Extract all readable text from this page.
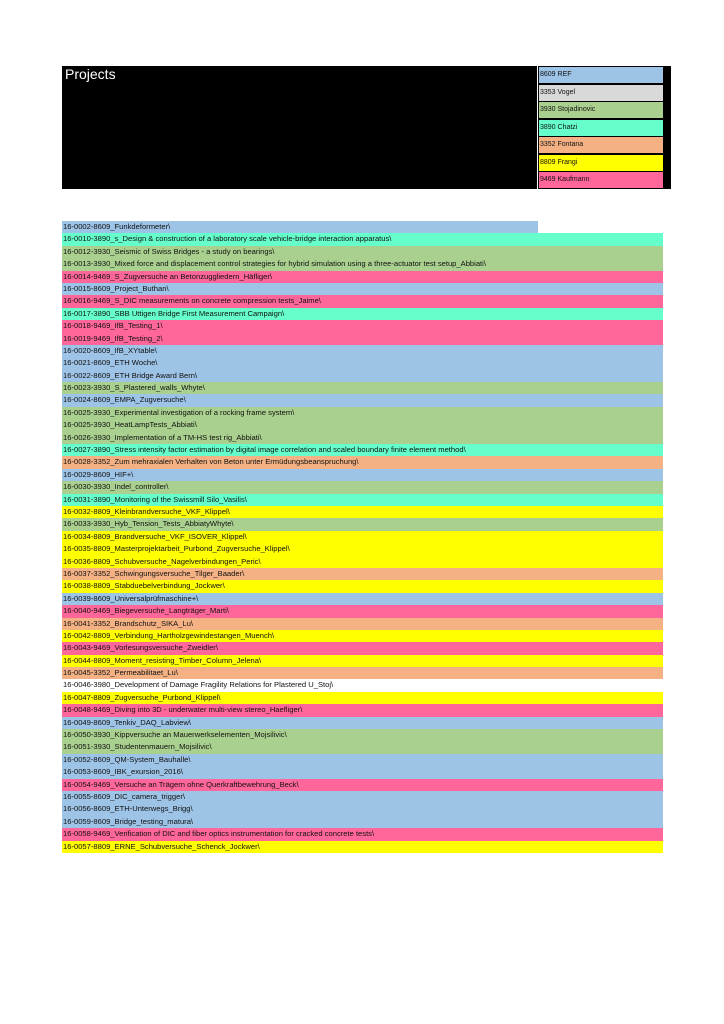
Projects	8609 REF
3353 Vogel
3930 Stojadinovic
3890 Chatzi
3352 Fontana
8809 Frangi
9469 Kaufmann
16-0002-8609_Funkdeformeter\
16-0010-3890_s_Design & construction of a laboratory scale vehicle-bridge interaction apparatus\
16-0012-3930_Seismic of Swiss Bridges - a study on bearings\
16-0013-3930_Mixed force and displacement control strategies for hybrid simulation using a three-actuator test setup_Abbiati\
16-0014-9469_S_Zugversuche an Betonzuggliedern_Häfliger\
16-0015-8609_Project_Buthan\
16-0016-9469_S_DIC measurements on concrete compression tests_Jaime\
16-0017-3890_SBB Uttigen Bridge First Measurement Campaign\
16-0018-9469_IfB_Testing_1\
16-0019-9469_IfB_Testing_2\
16-0020-8609_IfB_XYtable\
16-0021-8609_ETH Woche\
16-0022-8609_ETH Bridge Award Bern\
16-0023-3930_S_Plastered_walls_Whyte\
16-0024-8609_EMPA_Zugversuche\
16-0025-3930_Experimental investigation of a rocking frame system\
16-0025-3930_HeatLampTests_Abbiati\
16-0026-3930_Implementation of a TM-HS test rig_Abbiati\
16-0027-3890_Stress intensity factor estimation by digital image correlation and scaled boundary finite element method\
16-0028-3352_Zum mehraxialen Verhalten von Beton unter Ermüdungsbeanspruchung\
16-0029-8609_HIF+\
16-0030-3930_Indel_controller\
16-0031-3890_Monitoring of the Swissmill Silo_Vasilis\
16-0032-8809_Kleinbrandversuche_VKF_Klippel\
16-0033-3930_Hyb_Tension_Tests_AbbiatyWhyte\
16-0034-8809_Brandversuche_VKF_ISOVER_Klippel\
16-0035-8809_Masterprojektarbeit_Purbond_Zugversuche_Klippel\
16-0036-8809_Schubversuche_Nagelverbindungen_Peric\
16-0037-3352_Schwingungsversuche_Tilger_Baader\
16-0038-8809_Stabduebelverbindung_Jockwer\
16-0039-8609_Universalprüfmaschine+\
16-0040-9469_Biegeversuche_Langträger_Marti\
16-0041-3352_Brandschutz_SIKA_Lu\
16-0042-8809_Verbindung_Hartholzgewindestangen_Muench\
16-0043-9469_Vorlesungsversuche_Zweidler\
16-0044-8809_Moment_resisting_Timber_Column_Jelena\
16-0045-3352_Permeabilitaet_Lu\
16-0046-3980_Development of Damage Fragility Relations for Plastered U_Stoj\
16-0047-8809_Zugversuche_Purbond_Klippel\
16-0048-9469_Diving into 3D - underwater multi-view stereo_Haefliger\
16-0049-8609_Tenkiv_DAQ_Labview\
16-0050-3930_Kippversuche an Mauerwerkselementen_Mojsilivic\
16-0051-3930_Studentenmauern_Mojsilivic\
16-0052-8609_QM-System_Bauhalle\
16-0053-8609_IBK_exursion_2016\
16-0054-9469_Versuche an Trägern ohne Querkraftbewehrung_Beck\
16-0055-8609_DIC_camera_trigger\
16-0056-8609_ETH-Unterwegs_Brigg\
16-0059-8609_Bridge_testing_matura\
16-0058-9469_Verification of DIC and fiber optics instrumentation for cracked concrete tests\
16-0057-8809_ERNE_Schubversuche_Schenck_Jockwer\
